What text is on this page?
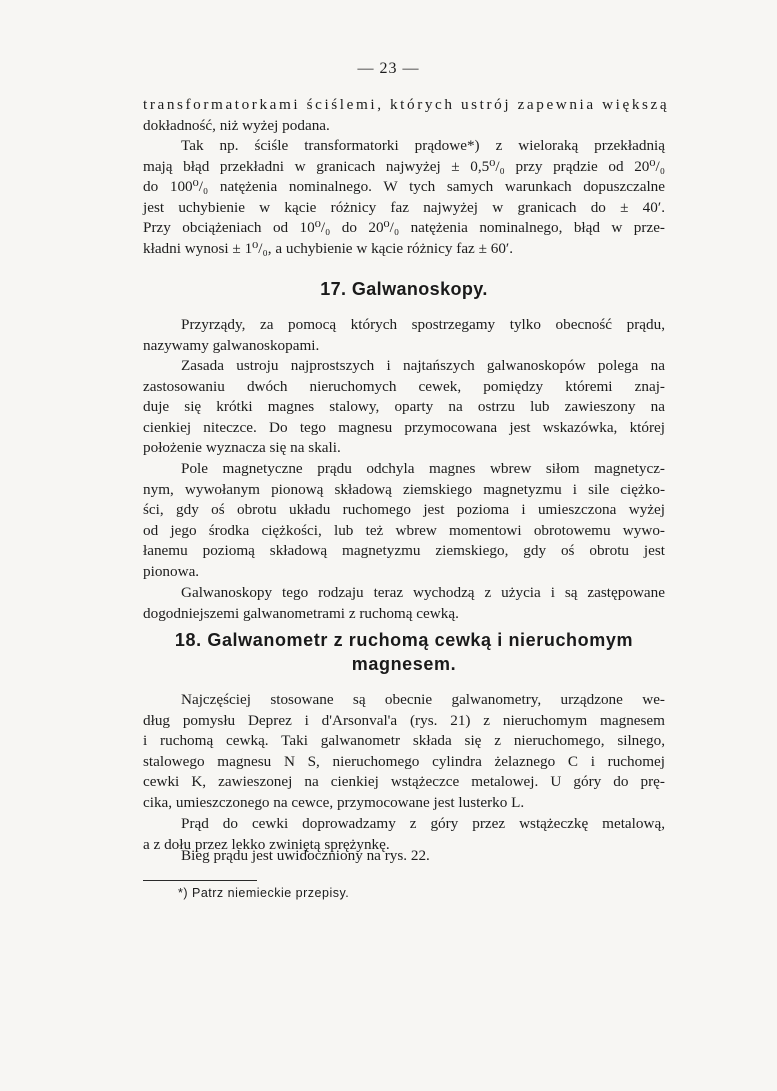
— 23 —
transformatorkami ściślemi, których ustrój zapewnia większą
dokładność, niż wyżej podana.
Tak np. ściśle transformatorki prądowe*) z wieloraką przekładnią
mają błąd przekładni w granicach najwyżej ± 0,5⁰/₀ przy prądzie od 20⁰/₀
do 100⁰/₀ natężenia nominalnego. W tych samych warunkach dopuszczalne
jest uchybienie w kącie różnicy faz najwyżej w granicach do ± 40′.
Przy obciążeniach od 10⁰/₀ do 20⁰/₀ natężenia nominalnego, błąd w prze-
kładni wynosi ± 1⁰/₀, a uchybienie w kącie różnicy faz ± 60′.
17. Galwanoskopy.
Przyrządy, za pomocą których spostrzegamy tylko obecność prądu,
nazywamy galwanoskopami.
Zasada ustroju najprostszych i najtańszych galwanoskopów polega na
zastosowaniu dwóch nieruchomych cewek, pomiędzy któremi znaj-
duje się krótki magnes stalowy, oparty na ostrzu lub zawieszony na
cienkiej niteczce. Do tego magnesu przymocowana jest wskazówka, której
położenie wyznacza się na skali.
Pole magnetyczne prądu odchyla magnes wbrew siłom magnetycz-
nym, wywołanym pionową składową ziemskiego magnetyzmu i sile ciężko-
ści, gdy oś obrotu układu ruchomego jest pozioma i umieszczona wyżej
od jego środka ciężkości, lub też wbrew momentowi obrotowemu wywo-
łanemu poziomą składową magnetyzmu ziemskiego, gdy oś obrotu jest
pionowa.
Galwanoskopy tego rodzaju teraz wychodzą z użycia i są zastępowane
dogodniejszemi galwanometrami z ruchomą cewką.
18. Galwanometr z ruchomą cewką i nieruchomym
magnesem.
Najczęściej stosowane są obecnie galwanometry, urządzone we-
dług pomysłu Deprez i d'Arsonval'a (rys. 21) z nieruchomym magnesem
i ruchomą cewką. Taki galwanometr składa się z nieruchomego, silnego,
stalowego magnesu N S, nieruchomego cylindra żelaznego C i ruchomej
cewki K, zawieszonej na cienkiej wstążeczce metalowej. U góry do prę-
cika, umieszczonego na cewce, przymocowane jest lusterko L.
Prąd do cewki doprowadzamy z góry przez wstążeczkę metalową,
a z dołu przez lekko zwiniętą sprężynkę.
Bieg prądu jest uwidoczniony na rys. 22.
*) Patrz niemieckie przepisy.
